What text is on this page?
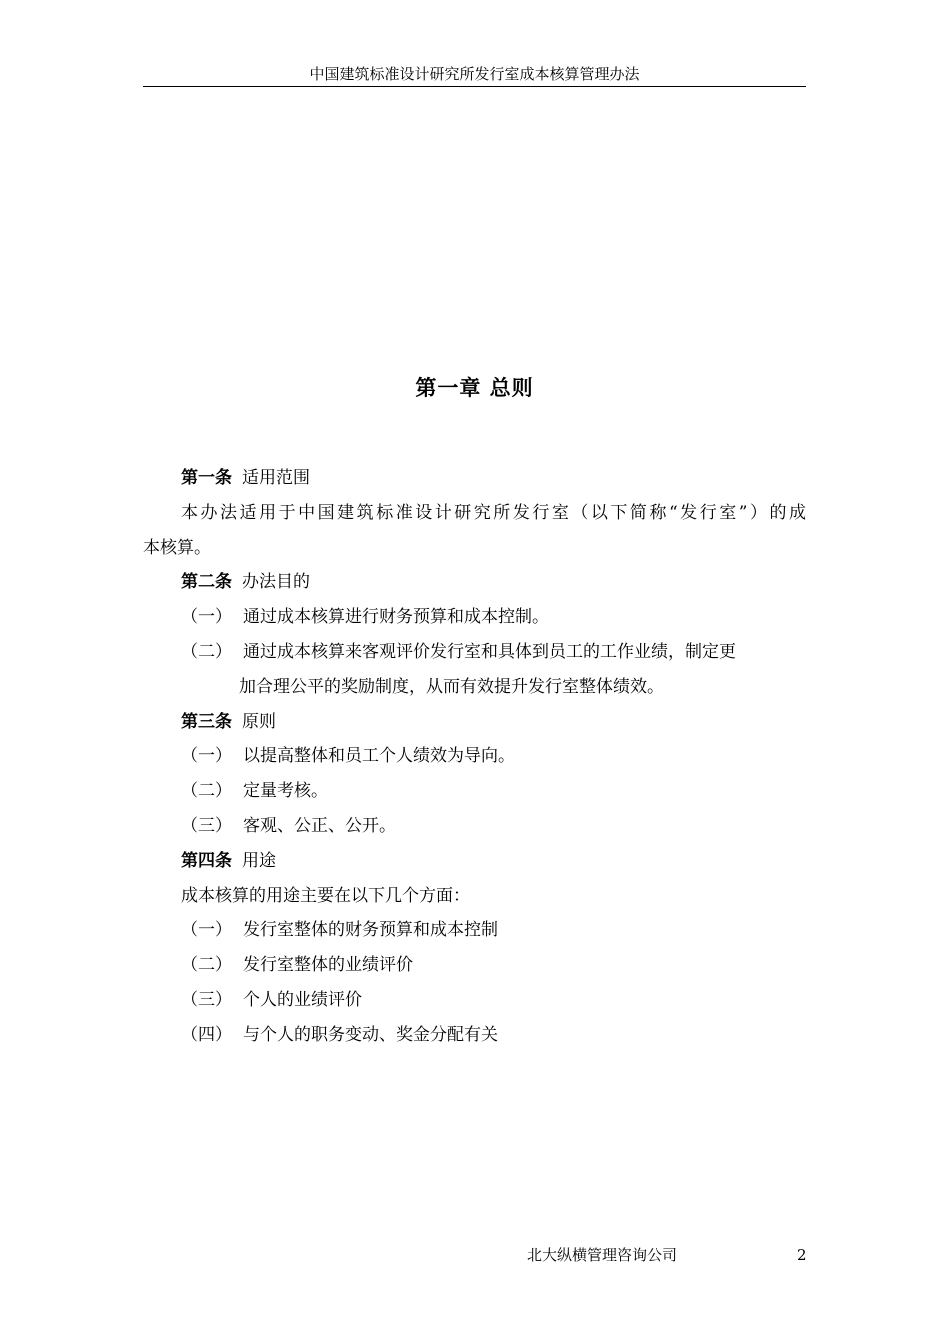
中国建筑标准设计研究所发行室成本核算管理办法
第一章 总则
第一条 适用范围
本办法适用于中国建筑标准设计研究所发行室（以下简称“发行室”）的成
本核算。
第二条 办法目的
（一） 通过成本核算进行财务预算和成本控制。
（二） 通过成本核算来客观评价发行室和具体到员工的工作业绩，制定更
加合理公平的奖励制度，从而有效提升发行室整体绩效。
第三条 原则
（一） 以提高整体和员工个人绩效为导向。
（二） 定量考核。
（三） 客观、公正、公开。
第四条 用途
成本核算的用途主要在以下几个方面：
（一） 发行室整体的财务预算和成本控制
（二） 发行室整体的业绩评价
（三） 个人的业绩评价
（四） 与个人的职务变动、奖金分配有关
北大纵横管理咨询公司	2
